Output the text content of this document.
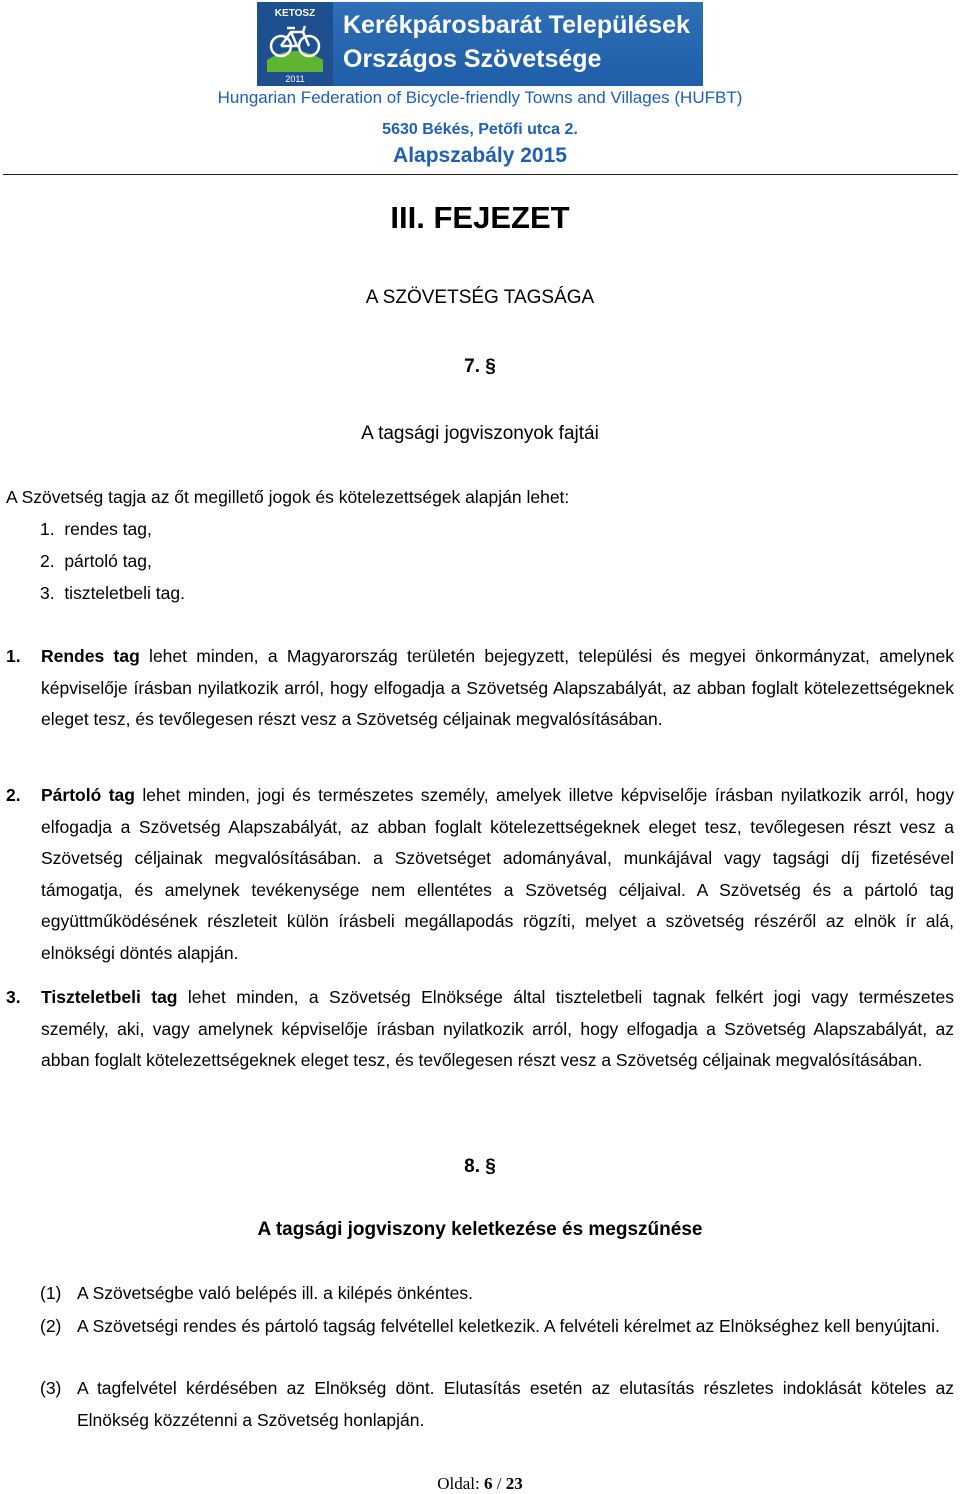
KETOSZ
2011
Kerékpárosbarát Települések
Országos Szövetsége
Hungarian Federation of Bicycle-friendly Towns and Villages (HUFBT)
5630 Békés, Petőfi utca 2.
Alapszabály 2015
III. FEJEZET
A SZÖVETSÉG TAGSÁGA
7. §
A tagsági jogviszonyok fajtái
A Szövetség tagja az őt megillető jogok és kötelezettségek alapján lehet:
1.  rendes tag,
2.  pártoló tag,
3.  tiszteletbeli tag.
1. Rendes tag lehet minden, a Magyarország területén bejegyzett, települési és megyei önkormányzat, amelynek képviselője írásban nyilatkozik arról, hogy elfogadja a Szövetség Alapszabályát, az abban foglalt kötelezettségeknek eleget tesz, és tevőlegesen részt vesz a Szövetség céljainak megvalósításában.
2. Pártoló tag lehet minden, jogi és természetes személy, amelyek illetve képviselője írásban nyilatkozik arról, hogy elfogadja a Szövetség Alapszabályát, az abban foglalt kötelezettségeknek eleget tesz, tevőlegesen részt vesz a Szövetség céljainak megvalósításában. a Szövetséget adományával, munkájával vagy tagsági díj fizetésével támogatja, és amelynek tevékenysége nem ellentétes a Szövetség céljaival. A Szövetség és a pártoló tag együttműködésének részleteit külön írásbeli megállapodás rögzíti, melyet a szövetség részéről az elnök ír alá, elnökségi döntés alapján.
3. Tiszteletbeli tag lehet minden, a Szövetség Elnöksége által tiszteletbeli tagnak felkért jogi vagy természetes személy, aki, vagy amelynek képviselője írásban nyilatkozik arról, hogy elfogadja a Szövetség Alapszabályát, az abban foglalt kötelezettségeknek eleget tesz, és tevőlegesen részt vesz a Szövetség céljainak megvalósításában.
8. §
A tagsági jogviszony keletkezése és megszűnése
(1) A Szövetségbe való belépés ill. a kilépés önkéntes.
(2) A Szövetségi rendes és pártoló tagság felvétellel keletkezik. A felvételi kérelmet az Elnökséghez kell benyújtani.
(3) A tagfelvétel kérdésében az Elnökség dönt. Elutasítás esetén az elutasítás részletes indoklását köteles az Elnökség közzétenni a Szövetség honlapján.
Oldal: 6 / 23
